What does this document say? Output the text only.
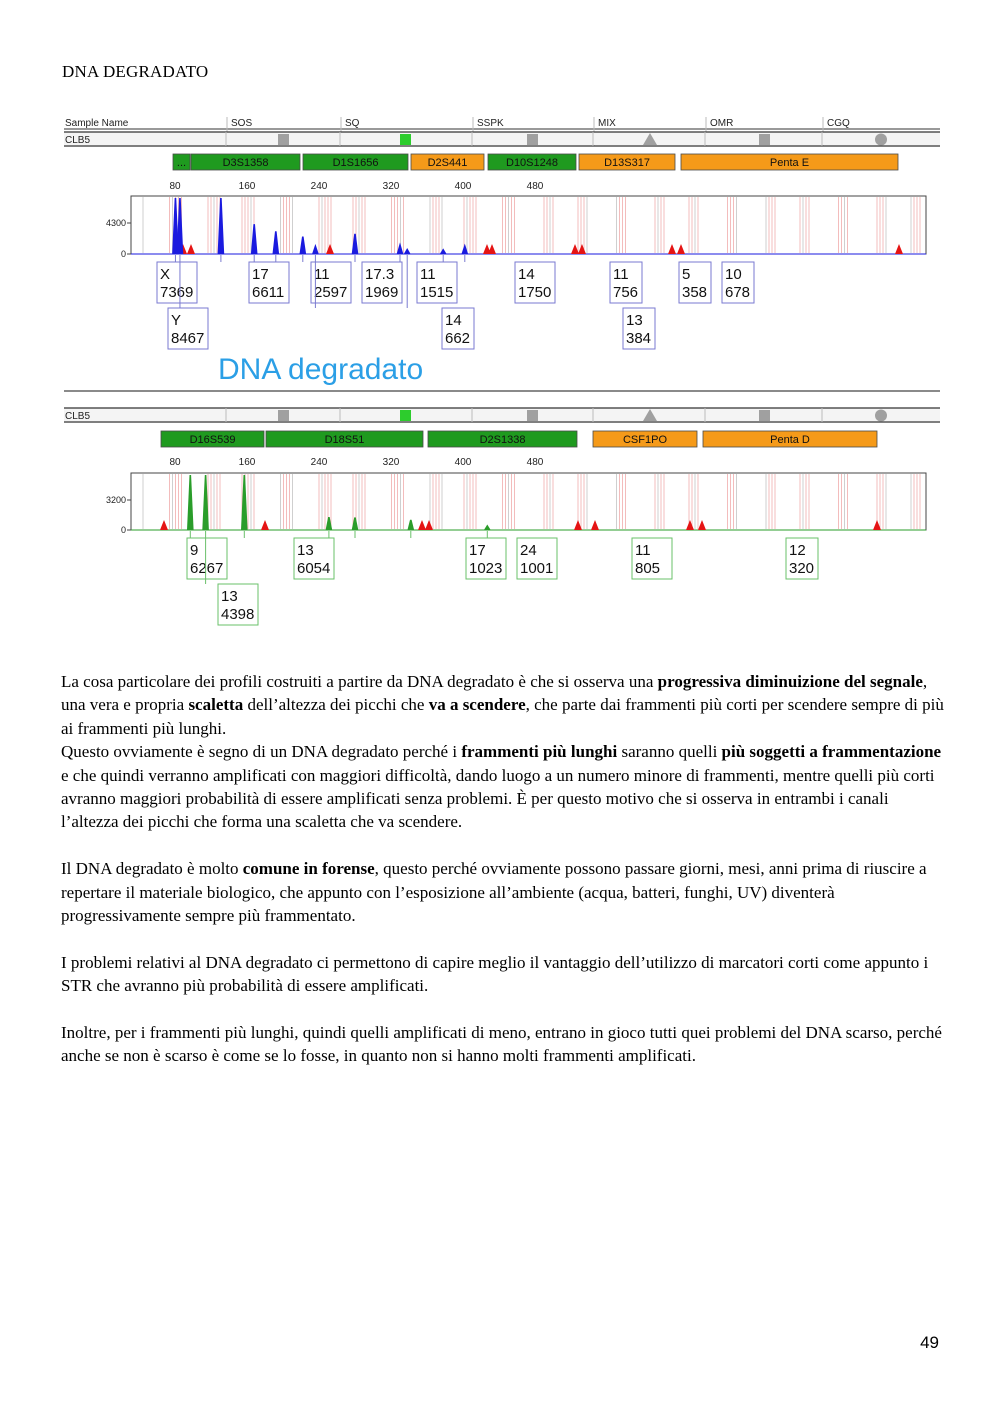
DNA DEGRADATO
Sample Name	SOS	SQ	SSPK	MIX	OMR	CGQ
CLB5
...	D3S1358	D1S1656	D2S441	D10S1248	D13S317	Penta E
80	160	240	320	400	480
4300
0
X
7369
Y
8467
17
6611
11
2597
17.3
1969
11
1515
14
662
14
1750
11
756
13
384
5
358
10
678
DNA degradato
CLB5
D16S539	D18S51	D2S1338	CSF1PO	Penta D
80	160	240	320	400	480
3200
0
9
6267
13
4398
13
6054
17
1023
24
1001
11
805
12
320

La cosa particolare dei profili costruiti a partire da DNA degradato è che si osserva una progressiva diminuizione del segnale, una vera e propria scaletta dell’altezza dei picchi che va a scendere, che parte dai frammenti più corti per scendere sempre di più ai frammenti più lunghi.

Questo ovviamente è segno di un DNA degradato perché i frammenti più lunghi saranno quelli più soggetti a frammentazione e che quindi verranno amplificati con maggiori difficoltà, dando luogo a un numero minore di frammenti, mentre quelli più corti avranno maggiori probabilità di essere amplificati senza problemi. È per questo motivo che si osserva in entrambi i canali l’altezza dei picchi che forma una scaletta che va scendere.

Il DNA degradato è molto comune in forense, questo perché ovviamente possono passare giorni, mesi, anni prima di riuscire a repertare il materiale biologico, che appunto con l’esposizione all’ambiente (acqua, batteri, funghi, UV) diventerà progressivamente sempre più frammentato.

I problemi relativi al DNA degradato ci permettono di capire meglio il vantaggio dell’utilizzo di marcatori corti come appunto i STR che avranno più probabilità di essere amplificati.

Inoltre, per i frammenti più lunghi, quindi quelli amplificati di meno, entrano in gioco tutti quei problemi del DNA scarso, perché anche se non è scarso è come se lo fosse, in quanto non si hanno molti frammenti amplificati.

49
